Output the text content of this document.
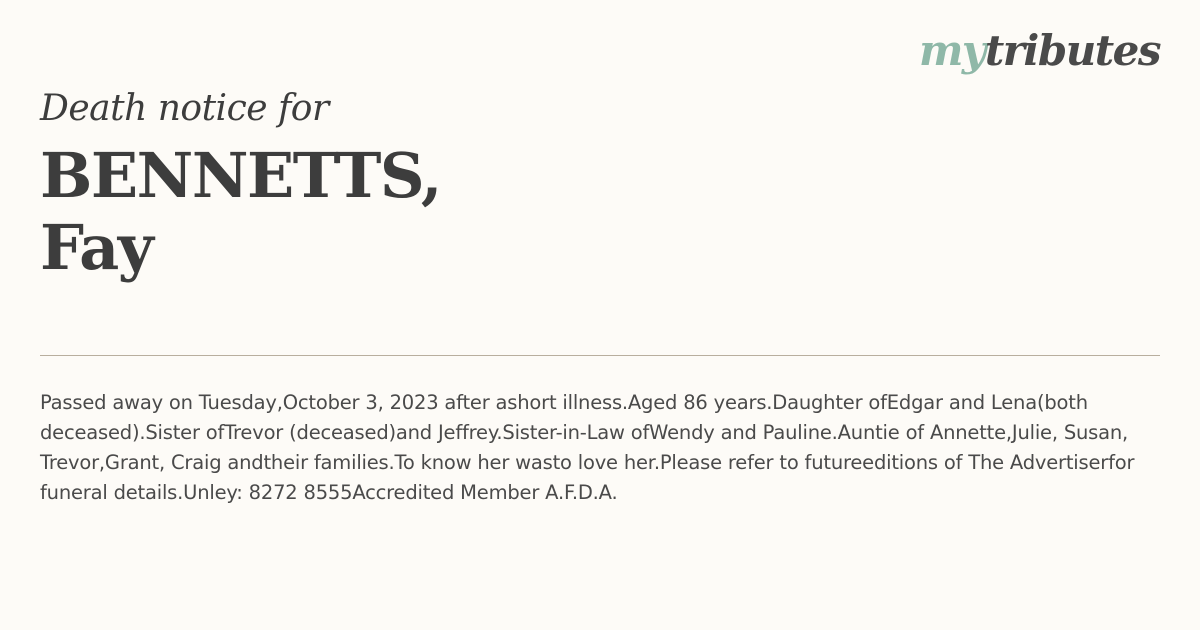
mytributes
Death notice for
BENNETTS,
Fay
Passed away on Tuesday,October 3, 2023 after ashort illness.Aged 86 years.Daughter ofEdgar and Lena(both deceased).Sister ofTrevor (deceased)and Jeffrey.Sister-in-Law ofWendy and Pauline.Auntie of Annette,Julie, Susan, Trevor,Grant, Craig andtheir families.To know her wasto love her.Please refer to futureeditions of The Advertiserfor funeral details.Unley: 8272 8555Accredited Member A.F.D.A.
